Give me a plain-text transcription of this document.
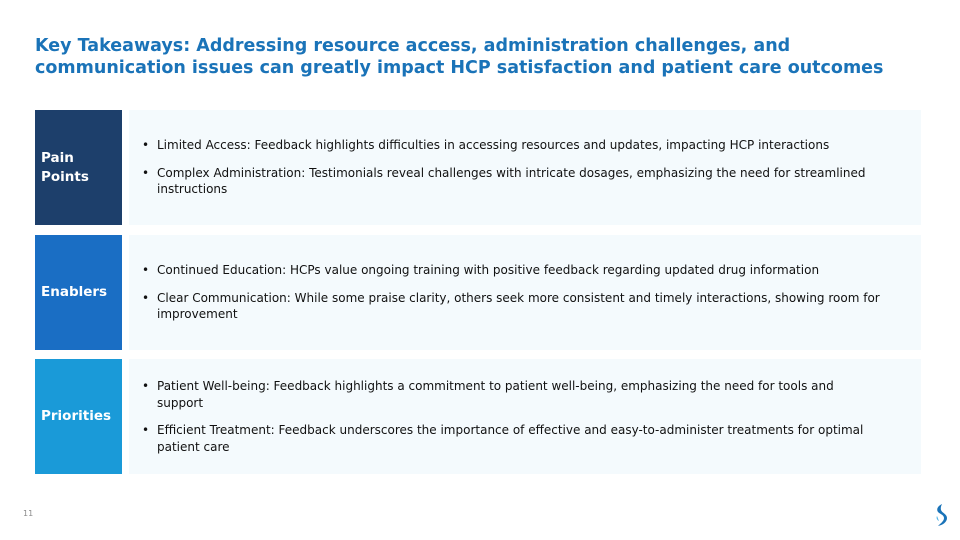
Key Takeaways: Addressing resource access, administration challenges, and communication issues can greatly impact HCP satisfaction and patient care outcomes
Pain Points
• Limited Access: Feedback highlights difficulties in accessing resources and updates, impacting HCP interactions
• Complex Administration: Testimonials reveal challenges with intricate dosages, emphasizing the need for streamlined instructions
Enablers
• Continued Education: HCPs value ongoing training with positive feedback regarding updated drug information
• Clear Communication: While some praise clarity, others seek more consistent and timely interactions, showing room for improvement
Priorities
• Patient Well-being: Feedback highlights a commitment to patient well-being, emphasizing the need for tools and support
• Efficient Treatment: Feedback underscores the importance of effective and easy-to-administer treatments for optimal patient care
11
